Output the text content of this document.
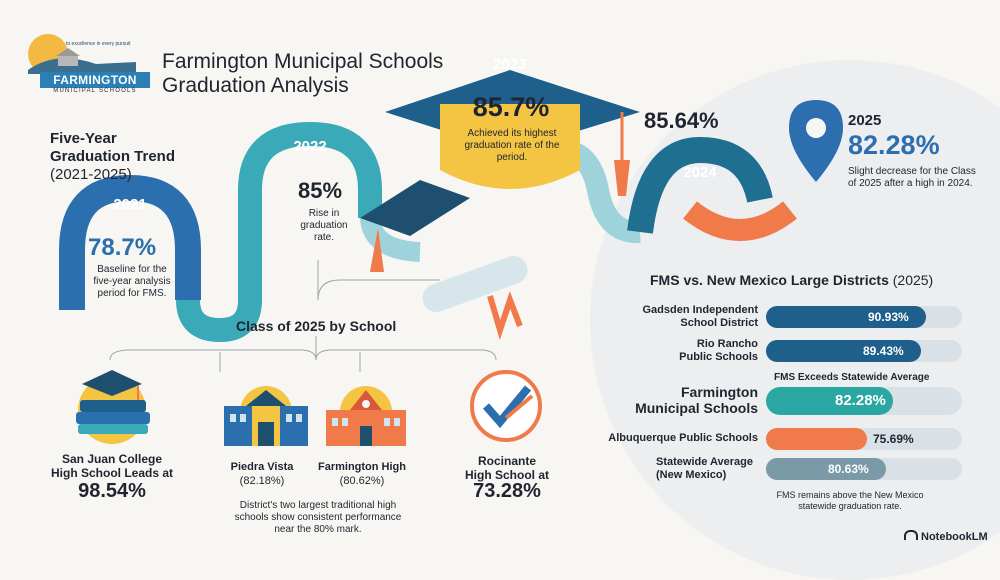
to excellence in every pursuit
FARMINGTON
MUNICIPAL SCHOOLS
Farmington Municipal Schools
Graduation Analysis
Five-Year
Graduation Trend
(2021-2025)
2021
78.7%
Baseline for the
five-year analysis
period for FMS.
2022
85%
Rise in
graduation
rate.
2023
85.7%
Achieved its highest
graduation rate of the
period.
85.64%
2024
2025
82.28%
Slight decrease for the Class
of 2025 after a high in 2024.
Class of 2025 by School
San Juan College
High School Leads at
98.54%
Piedra Vista
(82.18%)
Farmington High
(80.62%)
District's two largest traditional high
schools show consistent performance
near the 80% mark.
Rocinante
High School at
73.28%
FMS vs. New Mexico Large Districts (2025)
Gadsden Independent
School District	90.93%
Rio Rancho
Public Schools	89.43%
Farmington
Municipal Schools	82.28%
Albuquerque Public Schools	75.69%
Statewide Average
(New Mexico)	80.63%
FMS Exceeds Statewide Average
FMS remains above the New Mexico
statewide graduation rate.
NotebookLM
